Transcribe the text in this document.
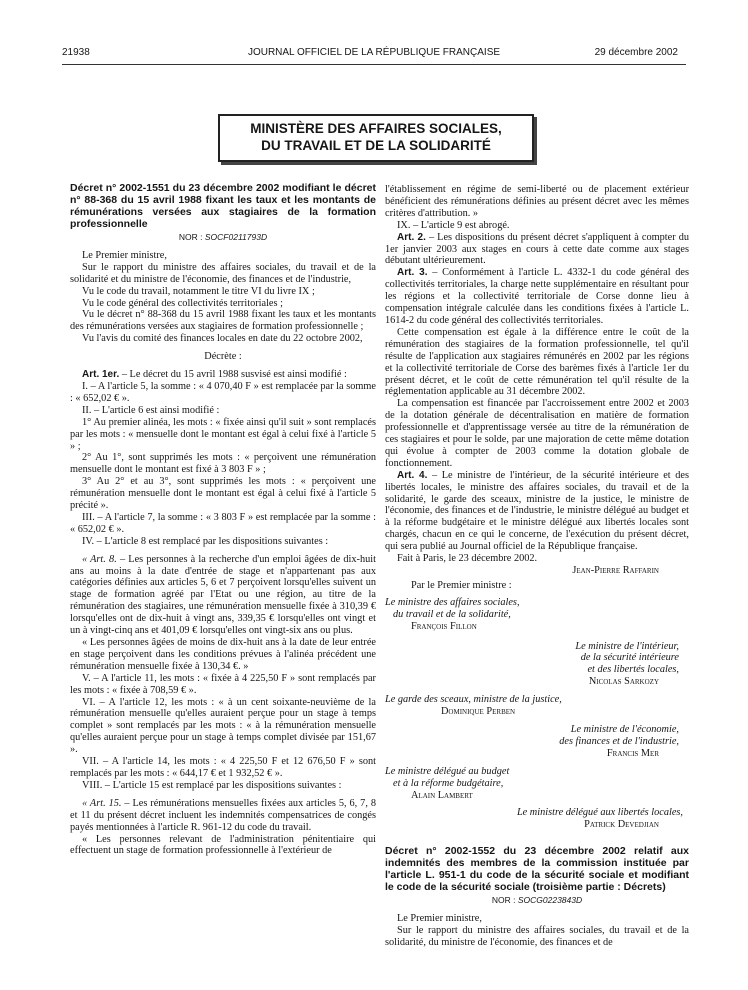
21938	JOURNAL OFFICIEL DE LA RÉPUBLIQUE FRANÇAISE	29 décembre 2002
MINISTÈRE DES AFFAIRES SOCIALES,
DU TRAVAIL ET DE LA SOLIDARITÉ

Décret n° 2002-1551 du 23 décembre 2002 modifiant le décret n° 88-368 du 15 avril 1988 fixant les taux et les montants de rémunérations versées aux stagiaires de la formation professionnelle

NOR : SOCF0211793D

Le Premier ministre,

Sur le rapport du ministre des affaires sociales, du travail et de la solidarité et du ministre de l'économie, des finances et de l'industrie,

Vu le code du travail, notamment le titre VI du livre IX ;

Vu le code général des collectivités territoriales ;

Vu le décret n° 88-368 du 15 avril 1988 fixant les taux et les montants des rémunérations versées aux stagiaires de formation professionnelle ;

Vu l'avis du comité des finances locales en date du 22 octobre 2002,

Décrète :

Art. 1er. – Le décret du 15 avril 1988 susvisé est ainsi modifié :

I. – A l'article 5, la somme : « 4 070,40 F » est remplacée par la somme : « 652,02 € ».

II. – L'article 6 est ainsi modifié :

1° Au premier alinéa, les mots : « fixée ainsi qu'il suit » sont remplacés par les mots : « mensuelle dont le montant est égal à celui fixé à l'article 5 » ;

2° Au 1°, sont supprimés les mots : « perçoivent une rémunération mensuelle dont le montant est fixé à 3 803 F » ;

3° Au 2° et au 3°, sont supprimés les mots : « perçoivent une rémunération mensuelle dont le montant est égal à celui fixé à l'article 5 précité ».

III. – A l'article 7, la somme : « 3 803 F » est remplacée par la somme : « 652,02 € ».

IV. – L'article 8 est remplacé par les dispositions suivantes :

« Art. 8. – Les personnes à la recherche d'un emploi âgées de dix-huit ans au moins à la date d'entrée de stage et n'appartenant pas aux catégories définies aux articles 5, 6 et 7 perçoivent lorsqu'elles suivent un stage de formation agréé par l'Etat ou une région, au titre de la rémunération des stagiaires, une rémunération mensuelle fixée à 310,39 € lorsqu'elles ont de dix-huit à vingt ans, 339,35 € lorsqu'elles ont vingt et un à vingt-cinq ans et 401,09 € lorsqu'elles ont vingt-six ans ou plus.

« Les personnes âgées de moins de dix-huit ans à la date de leur entrée en stage perçoivent dans les conditions prévues à l'alinéa précédent une rémunération mensuelle fixée à 130,34 €. »

V. – A l'article 11, les mots : « fixée à 4 225,50 F » sont remplacés par les mots : « fixée à 708,59 € ».

VI. – A l'article 12, les mots : « à un cent soixante-neuvième de la rémunération mensuelle qu'elles auraient perçue pour un stage à temps complet » sont remplacés par les mots : « à la rémunération mensuelle qu'elles auraient perçue pour un stage à temps complet divisée par 151,67 ».

VII. – A l'article 14, les mots : « 4 225,50 F et 12 676,50 F » sont remplacés par les mots : « 644,17 € et 1 932,52 € ».

VIII. – L'article 15 est remplacé par les dispositions suivantes :

« Art. 15. – Les rémunérations mensuelles fixées aux articles 5, 6, 7, 8 et 11 du présent décret incluent les indemnités compensatrices de congés payés mentionnées à l'article R. 961-12 du code du travail.

« Les personnes relevant de l'administration pénitentiaire qui effectuent un stage de formation professionnelle à l'extérieur de

l'établissement en régime de semi-liberté ou de placement extérieur bénéficient des rémunérations définies au présent décret avec les mêmes critères d'attribution. »

IX. – L'article 9 est abrogé.

Art. 2. – Les dispositions du présent décret s'appliquent à compter du 1er janvier 2003 aux stages en cours à cette date comme aux stages débutant ultérieurement.

Art. 3. – Conformément à l'article L. 4332-1 du code général des collectivités territoriales, la charge nette supplémentaire en résultant pour les régions et la collectivité territoriale de Corse donne lieu à compensation intégrale calculée dans les conditions fixées à l'article L. 1614-2 du code général des collectivités territoriales.

Cette compensation est égale à la différence entre le coût de la rémunération des stagiaires de la formation professionnelle, tel qu'il résulte de l'application aux stagiaires rémunérés en 2002 par les régions et la collectivité territoriale de Corse des barèmes fixés à l'article 1er du présent décret, et le coût de cette rémunération tel qu'il résulte de la réglementation applicable au 31 décembre 2002.

La compensation est financée par l'accroissement entre 2002 et 2003 de la dotation générale de décentralisation en matière de formation professionnelle et d'apprentissage versée au titre de la rémunération de ces stagiaires et pour le solde, par une majoration de cette même dotation qui évolue à compter de 2003 comme la dotation globale de fonctionnement.

Art. 4. – Le ministre de l'intérieur, de la sécurité intérieure et des libertés locales, le ministre des affaires sociales, du travail et de la solidarité, le garde des sceaux, ministre de la justice, le ministre de l'économie, des finances et de l'industrie, le ministre délégué au budget et à la réforme budgétaire et le ministre délégué aux libertés locales sont chargés, chacun en ce qui le concerne, de l'exécution du présent décret, qui sera publié au Journal officiel de la République française.

Fait à Paris, le 23 décembre 2002.

Jean-Pierre Raffarin

Par le Premier ministre :

Le ministre des affaires sociales,

du travail et de la solidarité,

François Fillon

Le ministre de l'intérieur,

de la sécurité intérieure

et des libertés locales,

Nicolas Sarkozy

Le garde des sceaux, ministre de la justice,

Dominique Perben

Le ministre de l'économie,

des finances et de l'industrie,

Francis Mer

Le ministre délégué au budget

et à la réforme budgétaire,

Alain Lambert

Le ministre délégué aux libertés locales,

Patrick Devedjian

Décret n° 2002-1552 du 23 décembre 2002 relatif aux indemnités des membres de la commission instituée par l'article L. 951-1 du code de la sécurité sociale et modifiant le code de la sécurité sociale (troisième partie : Décrets)

NOR : SOCG0223843D

Le Premier ministre,

Sur le rapport du ministre des affaires sociales, du travail et de la solidarité, du ministre de l'économie, des finances et de
